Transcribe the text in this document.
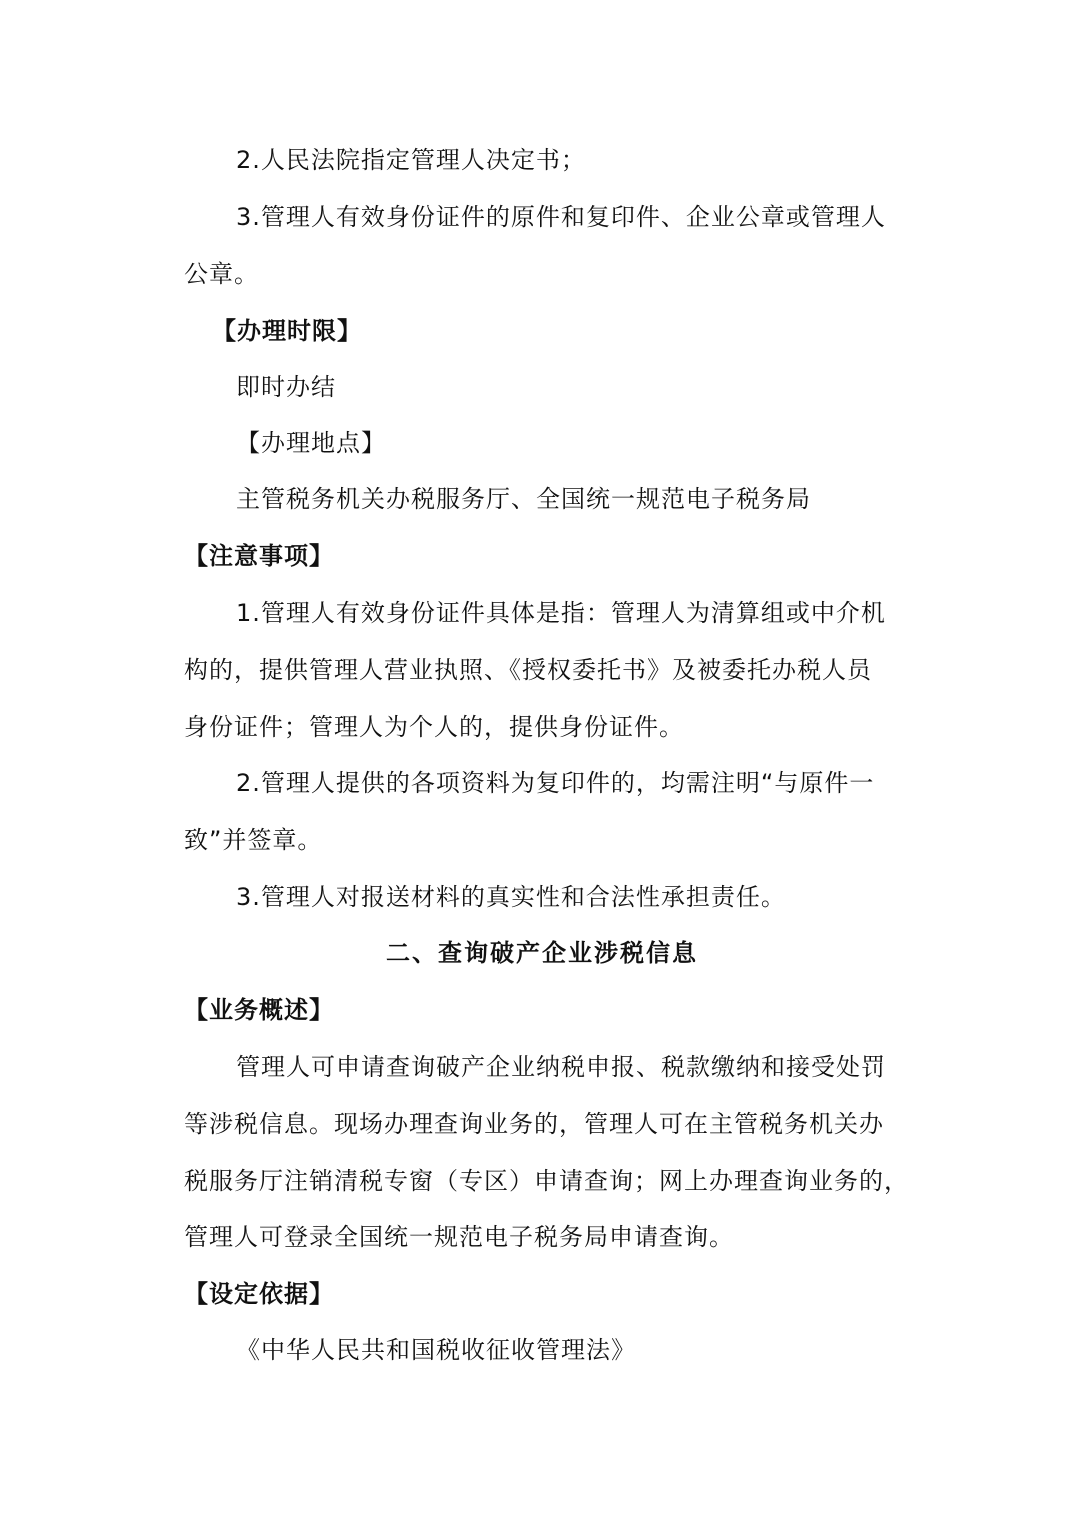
2.人民法院指定管理人决定书；
3.管理人有效身份证件的原件和复印件、企业公章或管理人
公章。
【办理时限】
即时办结
【办理地点】
主管税务机关办税服务厅、全国统一规范电子税务局
【注意事项】
1.管理人有效身份证件具体是指：管理人为清算组或中介机
构的，提供管理人营业执照、《授权委托书》及被委托办税人员
身份证件；管理人为个人的，提供身份证件。
2.管理人提供的各项资料为复印件的，均需注明“与原件一
致”并签章。
3.管理人对报送材料的真实性和合法性承担责任。
二、查询破产企业涉税信息
【业务概述】
管理人可申请查询破产企业纳税申报、税款缴纳和接受处罚
等涉税信息。现场办理查询业务的，管理人可在主管税务机关办
税服务厅注销清税专窗（专区）申请查询；网上办理查询业务的，
管理人可登录全国统一规范电子税务局申请查询。
【设定依据】
《中华人民共和国税收征收管理法》
